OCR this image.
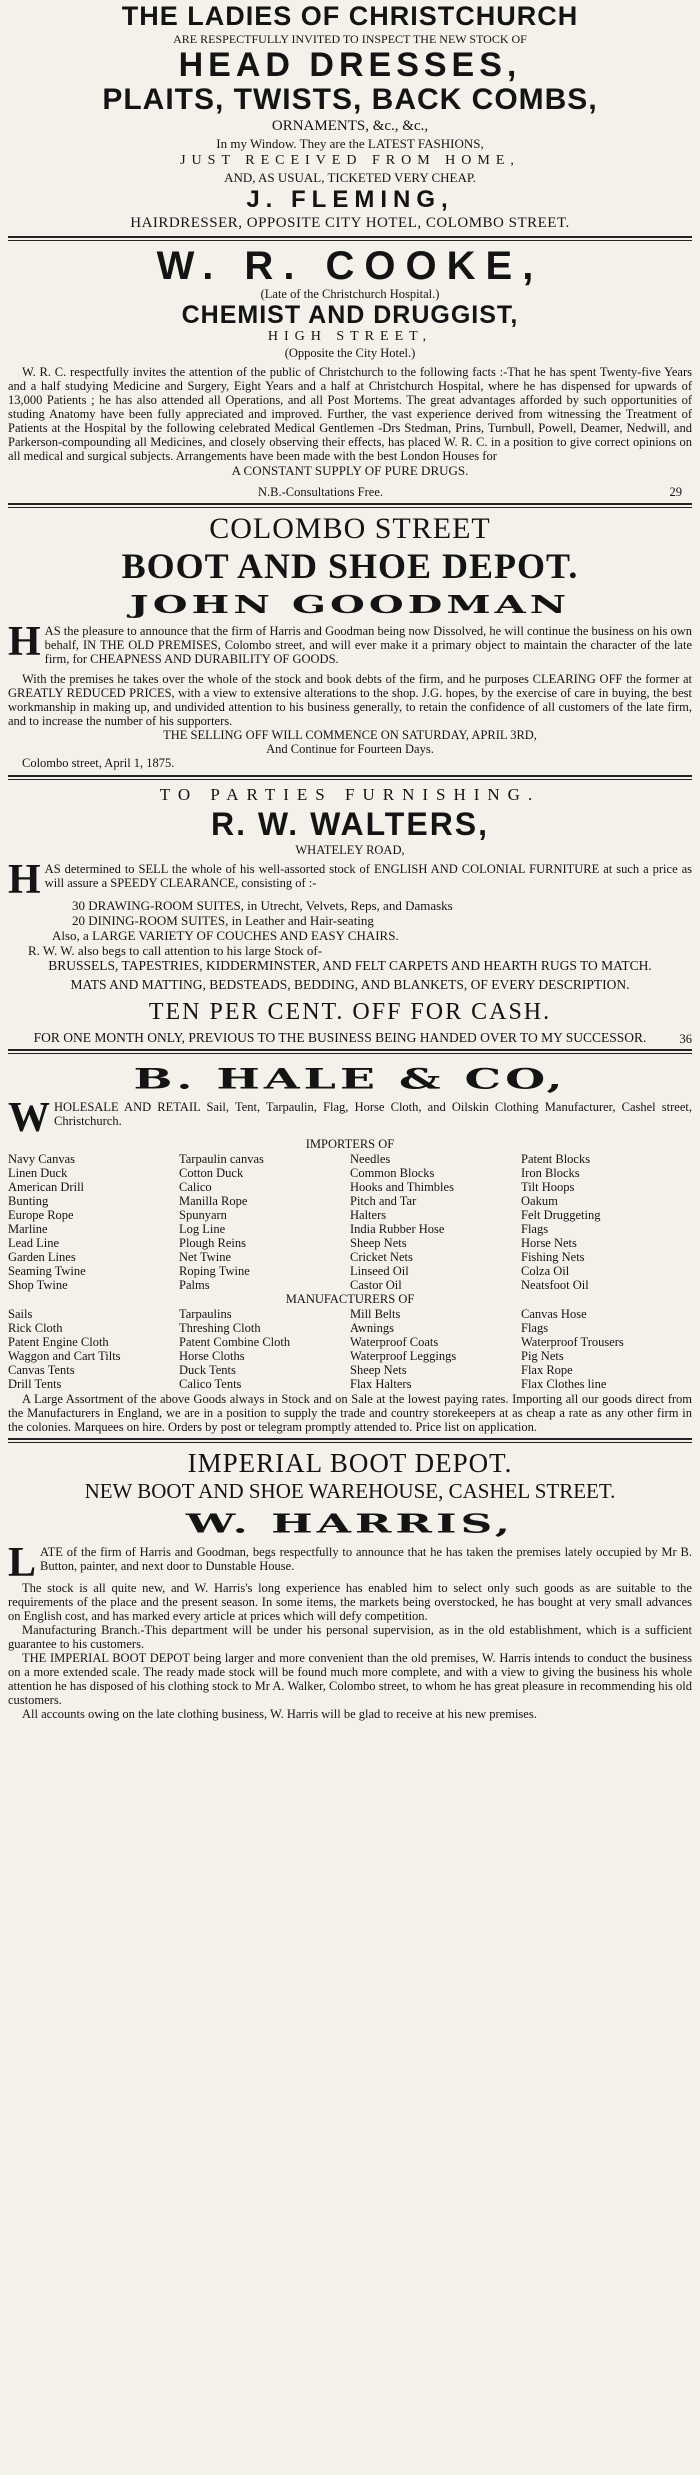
THE LADIES OF CHRISTCHURCH
ARE RESPECTFULLY INVITED TO INSPECT THE NEW STOCK OF
HEAD DRESSES,
PLAITS, TWISTS, BACK COMBS,
ORNAMENTS, &c., &c.,
In my Window. They are the LATEST FASHIONS,
JUST RECEIVED FROM HOME,
AND, AS USUAL, TICKETED VERY CHEAP.
J. FLEMING,
HAIRDRESSER, OPPOSITE CITY HOTEL, COLOMBO STREET.
W. R. COOKE,
(Late of the Christchurch Hospital.)
CHEMIST AND DRUGGIST,
HIGH STREET,
(Opposite the City Hotel.)

W. R. C. respectfully invites the attention of the public of Christchurch to the following facts :-That he has spent Twenty-five Years and a half studying Medicine and Surgery, Eight Years and a half at Christchurch Hospital, where he has dispensed for upwards of 13,000 Patients ; he has also attended all Operations, and all Post Mortems. The great advantages afforded by such opportunities of studing Anatomy have been fully appreciated and improved. Further, the vast experience derived from witnessing the Treatment of Patients at the Hospital by the following celebrated Medical Gentlemen -Drs Stedman, Prins, Turnbull, Powell, Deamer, Nedwill, and Parkerson-compounding all Medicines, and closely observing their effects, has placed W. R. C. in a position to give correct opinions on all medical and surgical subjects. Arrangements have been made with the best London Houses for

A CONSTANT SUPPLY OF PURE DRUGS.
N.B.-Consultations Free.	29
COLOMBO STREET
BOOT AND SHOE DEPOT.
JOHN GOODMAN
H AS the pleasure to announce that the firm of Harris and Goodman being now Dissolved, he will continue the business on his own behalf, IN THE OLD PREMISES, Colombo street, and will ever make it a primary object to maintain the character of the late firm, for CHEAPNESS AND DURABILITY OF GOODS.

With the premises he takes over the whole of the stock and book debts of the firm, and he purposes CLEARING OFF the former at GREATLY REDUCED PRICES, with a view to extensive alterations to the shop. J.G. hopes, by the exercise of care in buying, the best workmanship in making up, and undivided attention to his business generally, to retain the confidence of all customers of the late firm, and to increase the number of his supporters.

THE SELLING OFF WILL COMMENCE ON SATURDAY, APRIL 3RD,
And Continue for Fourteen Days.
Colombo street, April 1, 1875.
TO PARTIES FURNISHING.
R. W. WALTERS,
WHATELEY ROAD,
H AS determined to SELL the whole of his well-assorted stock of ENGLISH AND COLONIAL FURNITURE at such a price as will assure a SPEEDY CLEARANCE, consisting of :-

30 DRAWING-ROOM SUITES, in Utrecht, Velvets, Reps, and Damasks
20 DINING-ROOM SUITES, in Leather and Hair-seating
Also, a LARGE VARIETY OF COUCHES AND EASY CHAIRS.
R. W. W. also begs to call attention to his large Stock of-
BRUSSELS, TAPESTRIES, KIDDERMINSTER, AND FELT CARPETS AND HEARTH RUGS TO MATCH.
MATS AND MATTING, BEDSTEADS, BEDDING, AND BLANKETS, OF EVERY DESCRIPTION.
TEN PER CENT. OFF FOR CASH.
FOR ONE MONTH ONLY, PREVIOUS TO THE BUSINESS BEING HANDED OVER TO MY SUCCESSOR.	36
B. HALE & CO,
W HOLESALE AND RETAIL Sail, Tent, Tarpaulin, Flag, Horse Cloth, and Oilskin Clothing Manufacturer, Cashel street, Christchurch.

IMPORTERS OF
Navy Canvas
Linen Duck
American Drill
Bunting
Europe Rope
Marline
Lead Line
Garden Lines
Seaming Twine
Shop Twine
Tarpaulin canvas
Cotton Duck
Calico
Manilla Rope
Spunyarn
Log Line
Plough Reins
Net Twine
Roping Twine
Palms
Needles
Common Blocks
Hooks and Thimbles
Pitch and Tar
Halters
India Rubber Hose
Sheep Nets
Cricket Nets
Linseed Oil
Castor Oil
Patent Blocks
Iron Blocks
Tilt Hoops
Oakum
Felt Druggeting
Flags
Horse Nets
Fishing Nets
Colza Oil
Neatsfoot Oil
MANUFACTURERS OF
Sails
Rick Cloth
Patent Engine Cloth
Waggon and Cart Tilts
Canvas Tents
Drill Tents
Tarpaulins
Threshing Cloth
Patent Combine Cloth
Horse Cloths
Duck Tents
Calico Tents
Mill Belts
Awnings
Waterproof Coats
Waterproof Leggings
Sheep Nets
Flax Halters
Canvas Hose
Flags
Waterproof Trousers
Pig Nets
Flax Rope
Flax Clothes line

A Large Assortment of the above Goods always in Stock and on Sale at the lowest paying rates. Importing all our goods direct from the Manufacturers in England, we are in a position to supply the trade and country storekeepers at as cheap a rate as any other firm in the colonies. Marquees on hire. Orders by post or telegram promptly attended to. Price list on application.

IMPERIAL BOOT DEPOT.
NEW BOOT AND SHOE WAREHOUSE, CASHEL STREET.
W. HARRIS,
L ATE of the firm of Harris and Goodman, begs respectfully to announce that he has taken the premises lately occupied by Mr B. Button, painter, and next door to Dunstable House.

The stock is all quite new, and W. Harris's long experience has enabled him to select only such goods as are suitable to the requirements of the place and the present season. In some items, the markets being overstocked, he has bought at very small advances on English cost, and has marked every article at prices which will defy competition.

Manufacturing Branch.-This department will be under his personal supervision, as in the old establishment, which is a sufficient guarantee to his customers.

THE IMPERIAL BOOT DEPOT being larger and more convenient than the old premises, W. Harris intends to conduct the business on a more extended scale. The ready made stock will be found much more complete, and with a view to giving the business his whole attention he has disposed of his clothing stock to Mr A. Walker, Colombo street, to whom he has great pleasure in recommending his old customers.

All accounts owing on the late clothing business, W. Harris will be glad to receive at his new premises.
